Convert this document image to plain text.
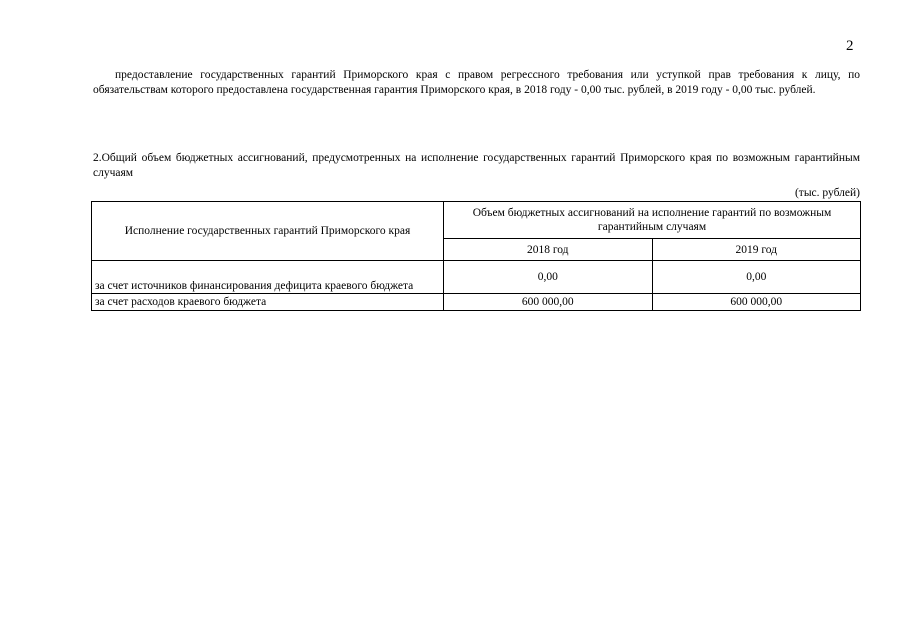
2
предоставление государственных гарантий Приморского края с правом регрессного требования или уступкой прав требования к лицу, по обязательствам которого предоставлена государственная гарантия Приморского края, в 2018 году - 0,00 тыс. рублей, в 2019 году - 0,00 тыс. рублей.
2.Общий объем бюджетных ассигнований, предусмотренных на исполнение государственных гарантий Приморского края по возможным гарантийным случаям
(тыс. рублей)
Исполнение государственных гарантий Приморского края	Объем бюджетных ассигнований на исполнение гарантий по возможным гарантийным случаям	
	2018 год	2019 год
за счет источников финансирования дефицита краевого бюджета	0,00	0,00
за счет расходов краевого бюджета	600 000,00	600 000,00
